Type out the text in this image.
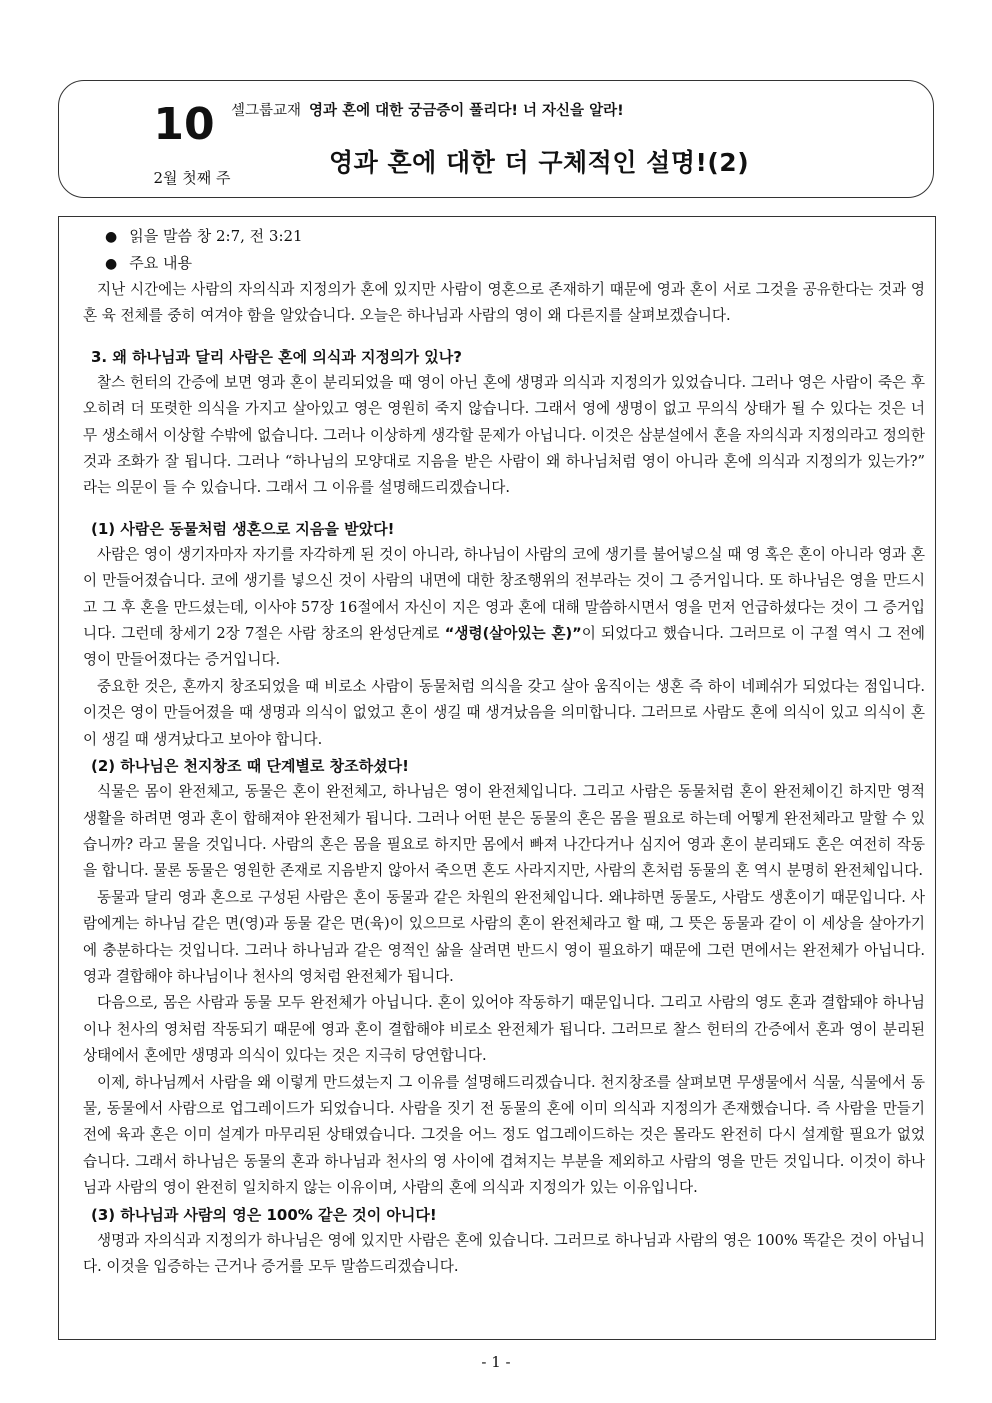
10
2월 첫째 주
셀그룹교재 영과 혼에 대한 궁금증이 풀리다! 너 자신을 알라!
영과 혼에 대한 더 구체적인 설명!(2)
● 읽을 말씀 창 2:7, 전 3:21
● 주요 내용

지난 시간에는 사람의 자의식과 지정의가 혼에 있지만 사람이 영혼으로 존재하기 때문에 영과 혼이 서로 그것을 공유한다는 것과 영 혼 육 전체를 중히 여겨야 함을 알았습니다. 오늘은 하나님과 사람의 영이 왜 다른지를 살펴보겠습니다.

3. 왜 하나님과 달리 사람은 혼에 의식과 지정의가 있나?

찰스 헌터의 간증에 보면 영과 혼이 분리되었을 때 영이 아닌 혼에 생명과 의식과 지정의가 있었습니다. 그러나 영은 사람이 죽은 후 오히려 더 또렷한 의식을 가지고 살아있고 영은 영원히 죽지 않습니다. 그래서 영에 생명이 없고 무의식 상태가 될 수 있다는 것은 너무 생소해서 이상할 수밖에 없습니다. 그러나 이상하게 생각할 문제가 아닙니다. 이것은 삼분설에서 혼을 자의식과 지정의라고 정의한 것과 조화가 잘 됩니다. 그러나 “하나님의 모양대로 지음을 받은 사람이 왜 하나님처럼 영이 아니라 혼에 의식과 지정의가 있는가?” 라는 의문이 들 수 있습니다. 그래서 그 이유를 설명해드리겠습니다.

(1) 사람은 동물처럼 생혼으로 지음을 받았다!

사람은 영이 생기자마자 자기를 자각하게 된 것이 아니라, 하나님이 사람의 코에 생기를 불어넣으실 때 영 혹은 혼이 아니라 영과 혼이 만들어졌습니다. 코에 생기를 넣으신 것이 사람의 내면에 대한 창조행위의 전부라는 것이 그 증거입니다. 또 하나님은 영을 만드시고 그 후 혼을 만드셨는데, 이사야 57장 16절에서 자신이 지은 영과 혼에 대해 말씀하시면서 영을 먼저 언급하셨다는 것이 그 증거입니다. 그런데 창세기 2장 7절은 사람 창조의 완성단계로 “생령(살아있는 혼)”이 되었다고 했습니다. 그러므로 이 구절 역시 그 전에 영이 만들어졌다는 증거입니다.

중요한 것은, 혼까지 창조되었을 때 비로소 사람이 동물처럼 의식을 갖고 살아 움직이는 생혼 즉 하이 네페쉬가 되었다는 점입니다. 이것은 영이 만들어졌을 때 생명과 의식이 없었고 혼이 생길 때 생겨났음을 의미합니다. 그러므로 사람도 혼에 의식이 있고 의식이 혼이 생길 때 생겨났다고 보아야 합니다.

(2) 하나님은 천지창조 때 단계별로 창조하셨다!

식물은 몸이 완전체고, 동물은 혼이 완전체고, 하나님은 영이 완전체입니다. 그리고 사람은 동물처럼 혼이 완전체이긴 하지만 영적 생활을 하려면 영과 혼이 합해져야 완전체가 됩니다. 그러나 어떤 분은 동물의 혼은 몸을 필요로 하는데 어떻게 완전체라고 말할 수 있습니까? 라고 물을 것입니다. 사람의 혼은 몸을 필요로 하지만 몸에서 빠져 나간다거나 심지어 영과 혼이 분리돼도 혼은 여전히 작동을 합니다. 물론 동물은 영원한 존재로 지음받지 않아서 죽으면 혼도 사라지지만, 사람의 혼처럼 동물의 혼 역시 분명히 완전체입니다.

동물과 달리 영과 혼으로 구성된 사람은 혼이 동물과 같은 차원의 완전체입니다. 왜냐하면 동물도, 사람도 생혼이기 때문입니다. 사람에게는 하나님 같은 면(영)과 동물 같은 면(육)이 있으므로 사람의 혼이 완전체라고 할 때, 그 뜻은 동물과 같이 이 세상을 살아가기에 충분하다는 것입니다. 그러나 하나님과 같은 영적인 삶을 살려면 반드시 영이 필요하기 때문에 그런 면에서는 완전체가 아닙니다. 영과 결합해야 하나님이나 천사의 영처럼 완전체가 됩니다.

다음으로, 몸은 사람과 동물 모두 완전체가 아닙니다. 혼이 있어야 작동하기 때문입니다. 그리고 사람의 영도 혼과 결합돼야 하나님이나 천사의 영처럼 작동되기 때문에 영과 혼이 결합해야 비로소 완전체가 됩니다. 그러므로 찰스 헌터의 간증에서 혼과 영이 분리된 상태에서 혼에만 생명과 의식이 있다는 것은 지극히 당연합니다.

이제, 하나님께서 사람을 왜 이렇게 만드셨는지 그 이유를 설명해드리겠습니다. 천지창조를 살펴보면 무생물에서 식물, 식물에서 동물, 동물에서 사람으로 업그레이드가 되었습니다. 사람을 짓기 전 동물의 혼에 이미 의식과 지정의가 존재했습니다. 즉 사람을 만들기 전에 육과 혼은 이미 설계가 마무리된 상태였습니다. 그것을 어느 정도 업그레이드하는 것은 몰라도 완전히 다시 설계할 필요가 없었습니다. 그래서 하나님은 동물의 혼과 하나님과 천사의 영 사이에 겹쳐지는 부분을 제외하고 사람의 영을 만든 것입니다. 이것이 하나님과 사람의 영이 완전히 일치하지 않는 이유이며, 사람의 혼에 의식과 지정의가 있는 이유입니다.

(3) 하나님과 사람의 영은 100% 같은 것이 아니다!

생명과 자의식과 지정의가 하나님은 영에 있지만 사람은 혼에 있습니다. 그러므로 하나님과 사람의 영은 100% 똑같은 것이 아닙니다. 이것을 입증하는 근거나 증거를 모두 말씀드리겠습니다.

- 1 -
